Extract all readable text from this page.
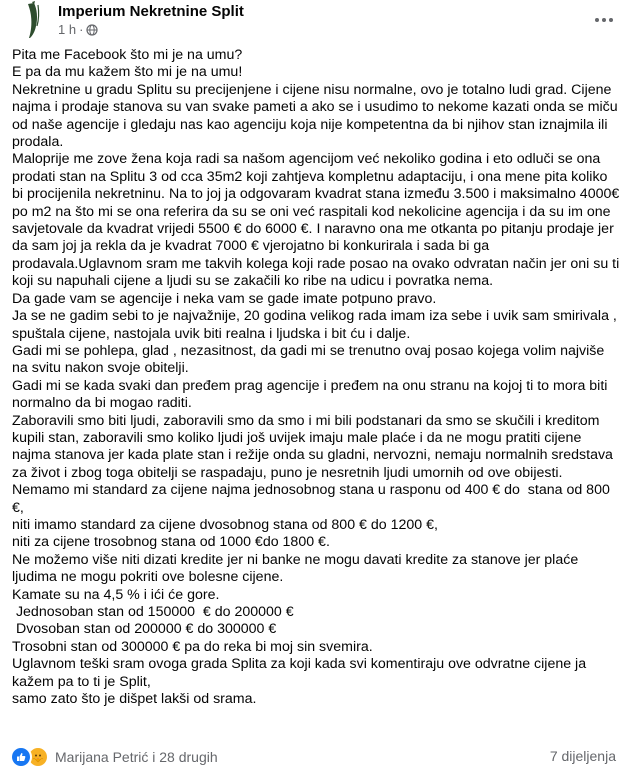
Imperium Nekretnine Split
1 h ·

Pita me Facebook što mi je na umu?
E pa da mu kažem što mi je na umu!
Nekretnine u gradu Splitu su precijenjene i cijene nisu normalne, ovo je totalno ludi grad. Cijene najma i prodaje stanova su van svake pameti a ako se i usudimo to nekome kazati onda se miču od naše agencije i gledaju nas kao agenciju koja nije kompetentna da bi njihov stan iznajmila ili prodala.

Maloprije me zove žena koja radi sa našom agencijom već nekoliko godina i eto odluči se ona prodati stan na Splitu 3 od cca 35m2 koji zahtjeva kompletnu adaptaciju, i ona mene pita koliko bi procijenila nekretninu. Na to joj ja odgovaram kvadrat stana između 3.500 i maksimalno 4000€ po m2 na što mi se ona referira da su se oni već raspitali kod nekolicine agencija i da su im one savjetovale da kvadrat vrijedi 5500 € do 6000 €. I naravno ona me otkanta po pitanju prodaje jer da sam joj ja rekla da je kvadrat 7000 € vjerojatno bi konkurirala i sada bi ga prodavala.Uglavnom sram me takvih kolega koji rade posao na ovako odvratan način jer oni su ti koji su napuhali cijene a ljudi su se zakačili ko ribe na udicu i povratka nema.

Da gade vam se agencije i neka vam se gade imate potpuno pravo.

Ja se ne gadim sebi to je najvažnije, 20 godina velikog rada imam iza sebe i uvik sam smirivala , spuštala cijene, nastojala uvik biti realna i ljudska i bit ću i dalje.

Gadi mi se pohlepa, glad , nezasitnost, da gadi mi se trenutno ovaj posao kojega volim najviše na svitu nakon svoje obitelji.

Gadi mi se kada svaki dan pređem prag agencije i pređem na onu stranu na kojoj ti to mora biti normalno da bi mogao raditi.

Zaboravili smo biti ljudi, zaboravili smo da smo i mi bili podstanari da smo se skučili i kreditom kupili stan, zaboravili smo koliko ljudi još uvijek imaju male plaće i da ne mogu pratiti cijene najma stanova jer kada plate stan i režije onda su gladni, nervozni, nemaju normalnih sredstava za život i zbog toga obitelji se raspadaju, puno je nesretnih ljudi umornih od ove obijesti.

Nemamo mi standard za cijene najma jednosobnog stana u rasponu od 400 € do  stana od 800 €,
niti imamo standard za cijene dvosobnog stana od 800 € do 1200 €,
niti za cijene trosobnog stana od 1000 €do 1800 €.

Ne možemo više niti dizati kredite jer ni banke ne mogu davati kredite za stanove jer plaće ljudima ne mogu pokriti ove bolesne cijene.

Kamate su na 4,5 % i ići će gore.
Jednosoban stan od 150000  € do 200000 €
Dvosoban stan od 200000 € do 300000 €
Trosobni stan od 300000 € pa do reka bi moj sin svemira.

Uglavnom teški sram ovoga grada Splita za koji kada svi komentiraju ove odvratne cijene ja kažem pa to ti je Split,
samo zato što je dišpet lakši od srama.

Marijana Petrić i 28 drugih	7 dijeljenja
